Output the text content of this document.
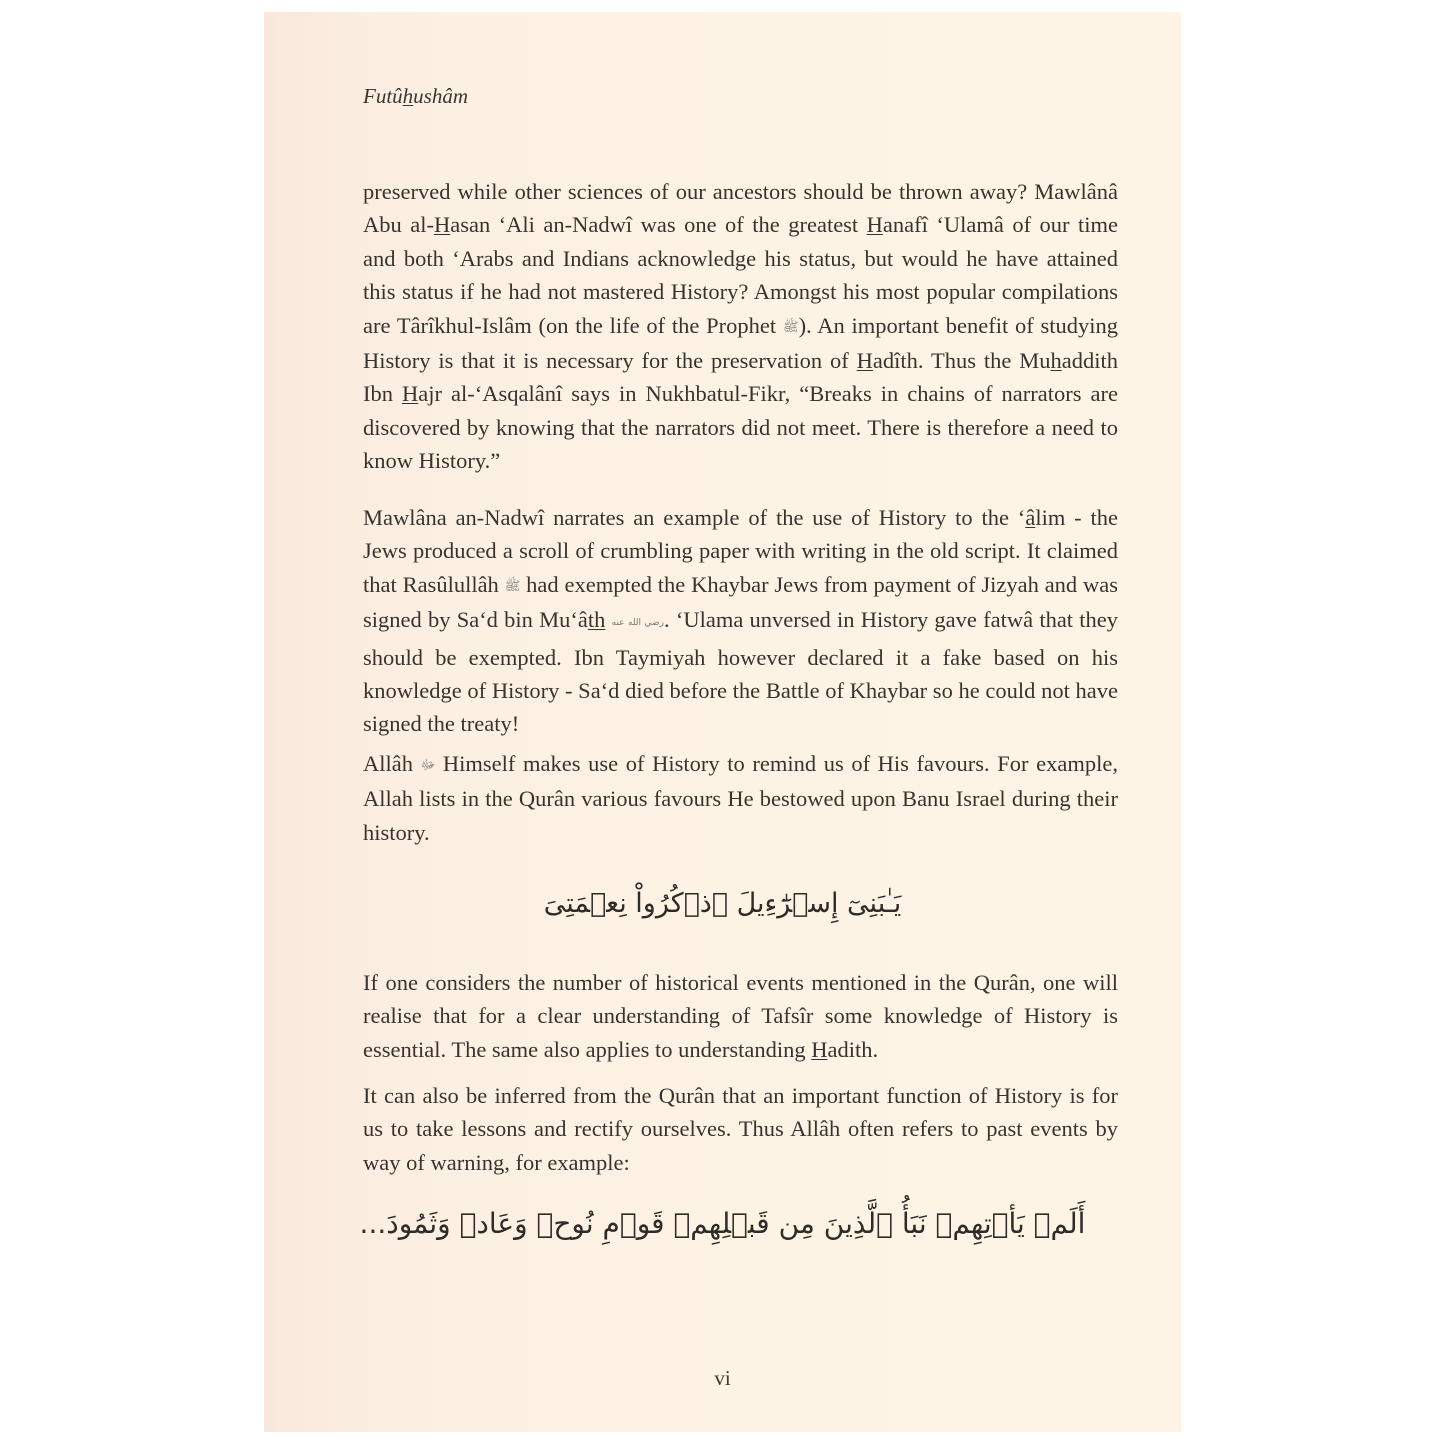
Futûhushâm

preserved while other sciences of our ancestors should be thrown away? Mawlânâ Abu al-Hasan ‘Ali an-Nadwî was one of the greatest Hanafî ‘Ulamâ of our time and both ‘Arabs and Indians acknowledge his status, but would he have attained this status if he had not mastered History? Amongst his most popular compilations are Târîkhul-Islâm (on the life of the Prophet ﷺ). An important benefit of studying History is that it is necessary for the preservation of Hadîth. Thus the Muhaddith Ibn Hajr al-‘Asqalânî says in Nukhbatul-Fikr, “Breaks in chains of narrators are discovered by knowing that the narrators did not meet. There is therefore a need to know History.”

Mawlâna an-Nadwî narrates an example of the use of History to the ‘âlim - the Jews produced a scroll of crumbling paper with writing in the old script. It claimed that Rasûlullâh ﷺ had exempted the Khaybar Jews from payment of Jizyah and was signed by Sa‘d bin Mu‘âth رضي الله عنه. ‘Ulama unversed in History gave fatwâ that they should be exempted. Ibn Taymiyah however declared it a fake based on his knowledge of History - Sa‘d died before the Battle of Khaybar so he could not have signed the treaty!

Allâh ﷻ Himself makes use of History to remind us of His favours. For example, Allah lists in the Qurân various favours He bestowed upon Banu Israel during their history.

يَـٰبَنِىٓ إِسۡرَٰٓءِيلَ ٱذۡكُرُواْ نِعۡمَتِىَ

If one considers the number of historical events mentioned in the Qurân, one will realise that for a clear understanding of Tafsîr some knowledge of History is essential. The same also applies to understanding Hadith.

It can also be inferred from the Qurân that an important function of History is for us to take lessons and rectify ourselves. Thus Allâh often refers to past events by way of warning, for example:

أَلَمۡ يَأۡتِهِمۡ نَبَأُ ٱلَّذِينَ مِن قَبۡلِهِمۡ قَوۡمِ نُوحٖ وَعَادٖ وَثَمُودَ...
vi
